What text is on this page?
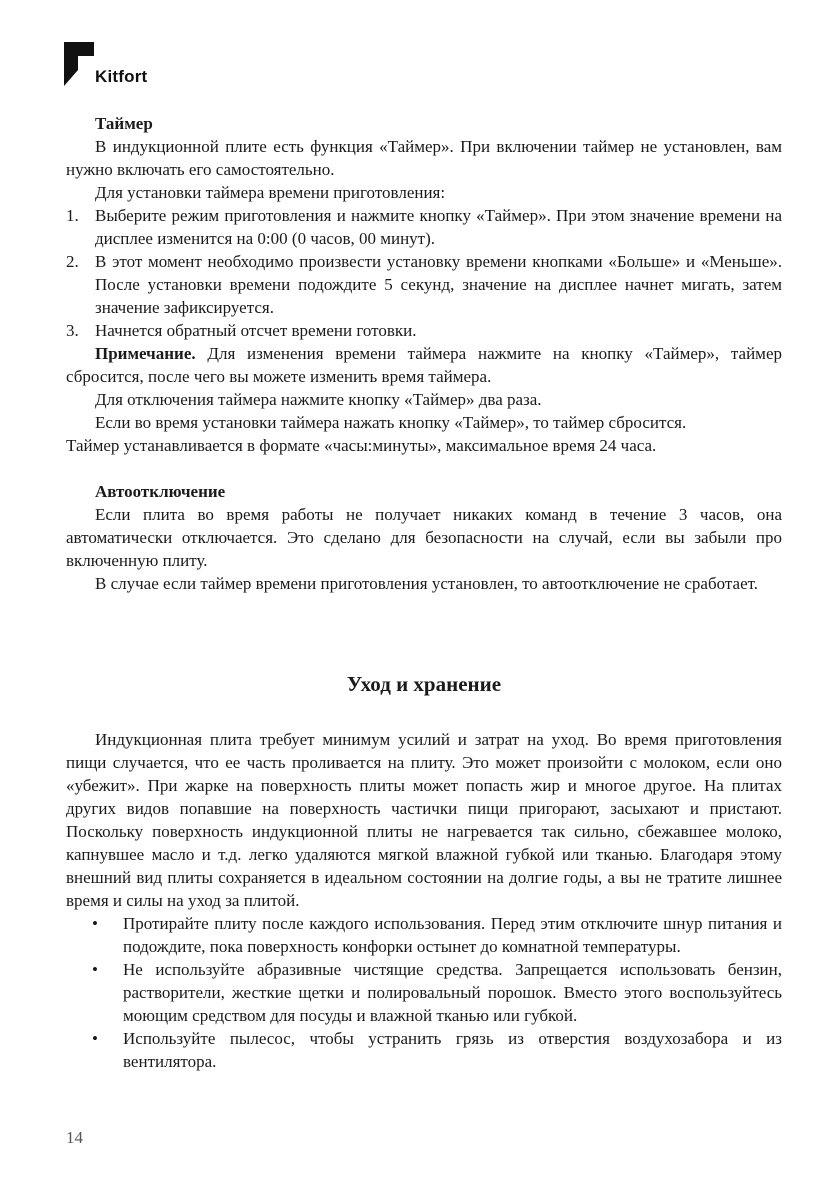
Kitfort
Таймер

В индукционной плите есть функция «Таймер». При включении таймер не установлен, вам нужно включать его самостоятельно.

Для установки таймера времени приготовления:

1. Выберите режим приготовления и нажмите кнопку «Таймер». При этом значение времени на дисплее изменится на 0:00 (0 часов, 00 минут).
2. В этот момент необходимо произвести установку времени кнопками «Больше» и «Меньше». После установки времени подождите 5 секунд, значение на дисплее начнет мигать, затем значение зафиксируется.
3. Начнется обратный отсчет времени готовки.

Примечание. Для изменения времени таймера нажмите на кнопку «Таймер», таймер сбросится, после чего вы можете изменить время таймера.

Для отключения таймера нажмите кнопку «Таймер» два раза.

Если во время установки таймера нажать кнопку «Таймер», то таймер сбросится.

Таймер устанавливается в формате «часы:минуты», максимальное время 24 часа.

Автоотключение

Если плита во время работы не получает никаких команд в течение 3 часов, она автоматически отключается. Это сделано для безопасности на случай, если вы забыли про включенную плиту.

В случае если таймер времени приготовления установлен, то автоотключение не сработает.

Уход и хранение

Индукционная плита требует минимум усилий и затрат на уход. Во время приготовления пищи случается, что ее часть проливается на плиту. Это может произойти с молоком, если оно «убежит». При жарке на поверхность плиты может попасть жир и многое другое. На плитах других видов попавшие на поверхность частички пищи пригорают, засыхают и пристают. Поскольку поверхность индукционной плиты не нагревается так сильно, сбежавшее молоко, капнувшее масло и т.д. легко удаляются мягкой влажной губкой или тканью. Благодаря этому внешний вид плиты сохраняется в идеальном состоянии на долгие годы, а вы не тратите лишнее время и силы на уход за плитой.

• Протирайте плиту после каждого использования. Перед этим отключите шнур питания и подождите, пока поверхность конфорки остынет до комнатной температуры.
• Не используйте абразивные чистящие средства. Запрещается использовать бензин, растворители, жесткие щетки и полировальный порошок. Вместо этого воспользуйтесь моющим средством для посуды и влажной тканью или губкой.
• Используйте пылесос, чтобы устранить грязь из отверстия воздухозабора и из вентилятора.
14
